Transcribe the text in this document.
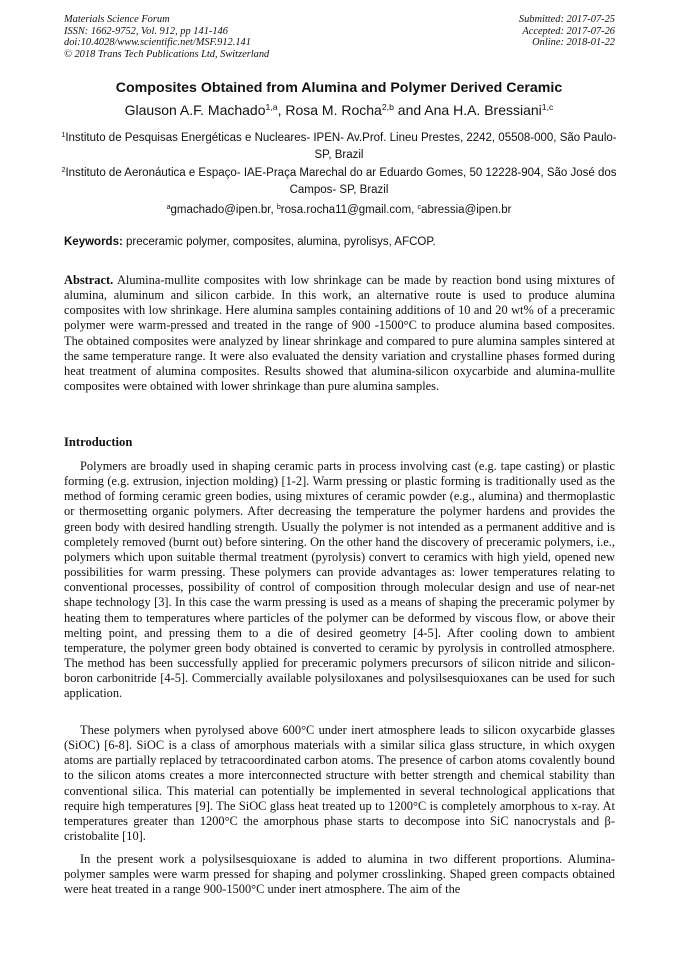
Materials Science Forum
ISSN: 1662-9752, Vol. 912, pp 141-146
doi:10.4028/www.scientific.net/MSF.912.141
© 2018 Trans Tech Publications Ltd, Switzerland
Submitted: 2017-07-25
Accepted: 2017-07-26
Online: 2018-01-22
Composites Obtained from Alumina and Polymer Derived Ceramic
Glauson A.F. Machado$^{1,a}$, Rosa M. Rocha$^{2,b}$ and Ana H.A. Bressiani$^{1,c}$
$^1$Instituto de Pesquisas Energéticas e Nucleares- IPEN- Av.Prof. Lineu Prestes, 2242, 05508-000, São Paulo- SP, Brazil
$^2$Instituto de Aeronáutica e Espaço- IAE-Praça Marechal do ar Eduardo Gomes, 50 12228-904, São José dos Campos- SP, Brazil
$^a$gmachado@ipen.br, $^b$rosa.rocha11@gmail.com, $^c$abressia@ipen.br
Keywords: preceramic polymer, composites, alumina, pyrolisys, AFCOP.
Abstract. Alumina-mullite composites with low shrinkage can be made by reaction bond using mixtures of alumina, aluminum and silicon carbide. In this work, an alternative route is used to produce alumina composites with low shrinkage. Here alumina samples containing additions of 10 and 20 wt% of a preceramic polymer were warm-pressed and treated in the range of 900 -1500°C to produce alumina based composites. The obtained composites were analyzed by linear shrinkage and compared to pure alumina samples sintered at the same temperature range. It were also evaluated the density variation and crystalline phases formed during heat treatment of alumina composites. Results showed that alumina-silicon oxycarbide and alumina-mullite composites were obtained with lower shrinkage than pure alumina samples.
Introduction

Polymers are broadly used in shaping ceramic parts in process involving cast (e.g. tape casting) or plastic forming (e.g. extrusion, injection molding) [1-2]. Warm pressing or plastic forming is traditionally used as the method of forming ceramic green bodies, using mixtures of ceramic powder (e.g., alumina) and thermoplastic or thermosetting organic polymers. After decreasing the temperature the polymer hardens and provides the green body with desired handling strength. Usually the polymer is not intended as a permanent additive and is completely removed (burnt out) before sintering. On the other hand the discovery of preceramic polymers, i.e., polymers which upon suitable thermal treatment (pyrolysis) convert to ceramics with high yield, opened new possibilities for warm pressing. These polymers can provide advantages as: lower temperatures relating to conventional processes, possibility of control of composition through molecular design and use of near-net shape technology [3]. In this case the warm pressing is used as a means of shaping the preceramic polymer by heating them to temperatures where particles of the polymer can be deformed by viscous flow, or above their melting point, and pressing them to a die of desired geometry [4-5]. After cooling down to ambient temperature, the polymer green body obtained is converted to ceramic by pyrolysis in controlled atmosphere. The method has been successfully applied for preceramic polymers precursors of silicon nitride and silicon-boron carbonitride [4-5]. Commercially available polysiloxanes and polysilsesquioxanes can be used for such application.

These polymers when pyrolysed above 600°C under inert atmosphere leads to silicon oxycarbide glasses (SiOC) [6-8]. SiOC is a class of amorphous materials with a similar silica glass structure, in which oxygen atoms are partially replaced by tetracoordinated carbon atoms. The presence of carbon atoms covalently bound to the silicon atoms creates a more interconnected structure with better strength and chemical stability than conventional silica. This material can potentially be implemented in several technological applications that require high temperatures [9]. The SiOC glass heat treated up to 1200°C is completely amorphous to x-ray. At temperatures greater than 1200°C the amorphous phase starts to decompose into SiC nanocrystals and β-cristobalite [10].

In the present work a polysilsesquioxane is added to alumina in two different proportions. Alumina-polymer samples were warm pressed for shaping and polymer crosslinking. Shaped green compacts obtained were heat treated in a range 900-1500°C under inert atmosphere. The aim of the
